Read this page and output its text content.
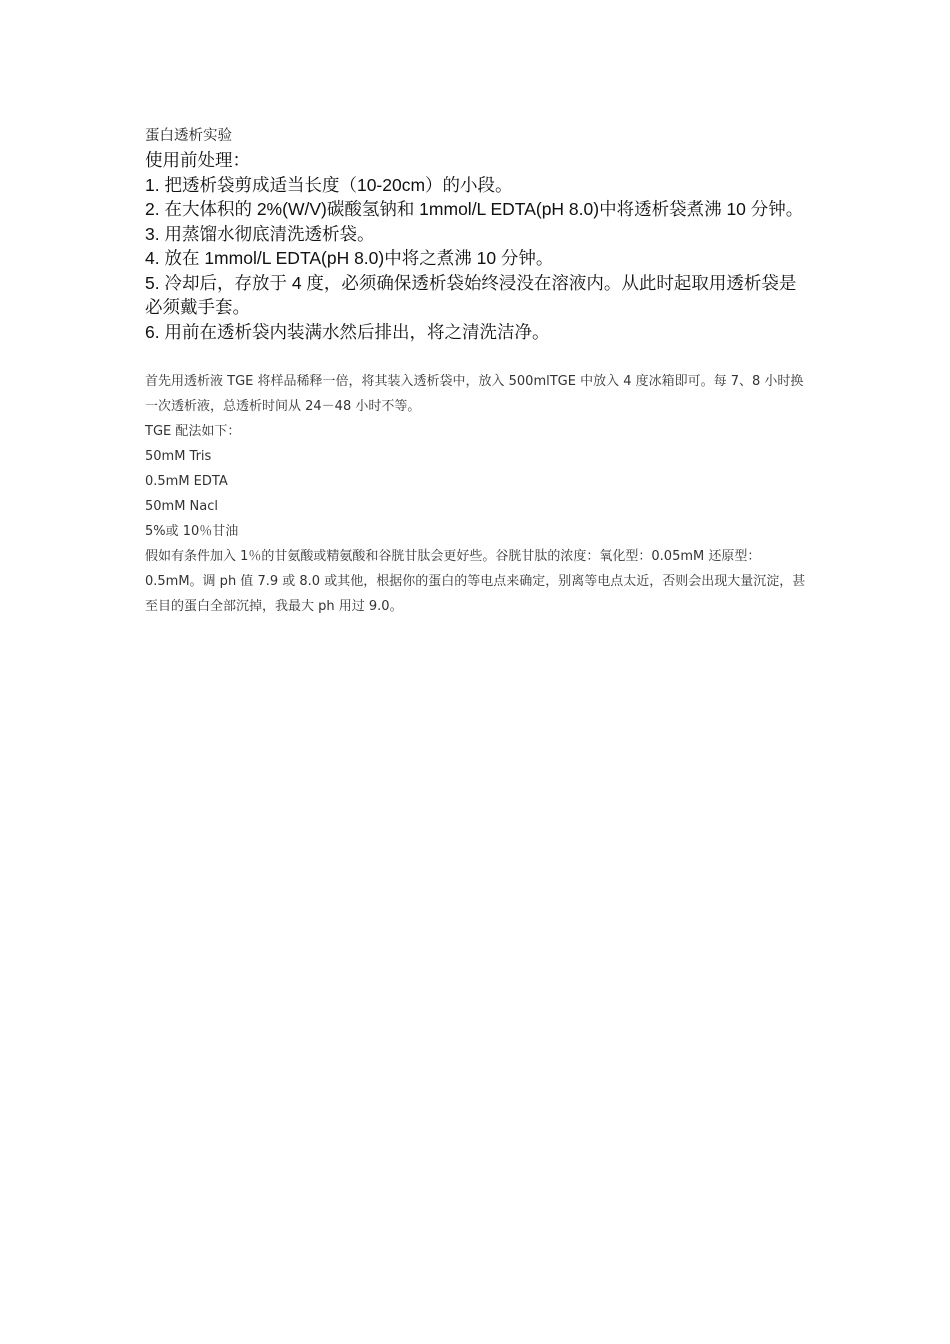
蛋白透析实验

使用前处理：

1. 把透析袋剪成适当长度（10-20cm）的小段。

2. 在大体积的 2%(W/V)碳酸氢钠和 1mmol/L EDTA(pH 8.0)中将透析袋煮沸 10 分钟。

3. 用蒸馏水彻底清洗透析袋。

4. 放在 1mmol/L EDTA(pH 8.0)中将之煮沸 10 分钟。

5. 冷却后，存放于 4 度，必须确保透析袋始终浸没在溶液内。从此时起取用透析袋是必须戴手套。

6. 用前在透析袋内装满水然后排出，将之清洗洁净。

首先用透析液 TGE 将样品稀释一倍，将其装入透析袋中，放入 500mlTGE 中放入 4 度冰箱即可。每 7、8 小时换一次透析液，总透析时间从 24－48 小时不等。

TGE 配法如下：

50mM Tris

0.5mM EDTA

50mM Nacl

5%或 10％甘油

假如有条件加入 1％的甘氨酸或精氨酸和谷胱甘肽会更好些。谷胱甘肽的浓度：氧化型：0.05mM 还原型：0.5mM。调 ph 值 7.9 或 8.0 或其他，根据你的蛋白的等电点来确定，别离等电点太近，否则会出现大量沉淀，甚至目的蛋白全部沉掉，我最大 ph 用过 9.0。
